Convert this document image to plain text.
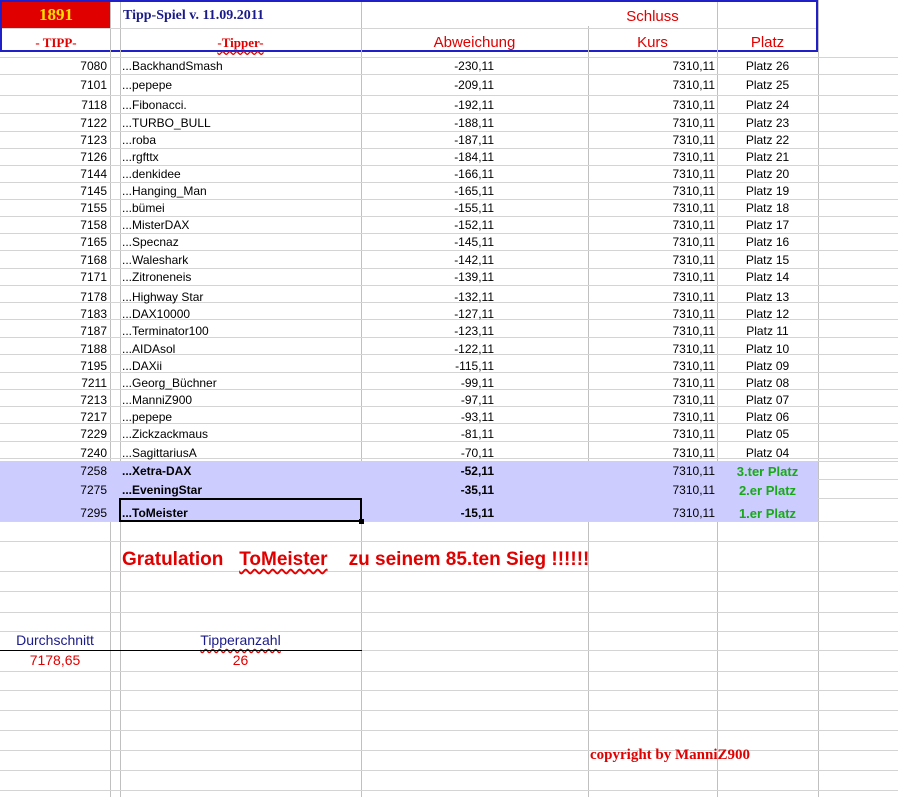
1891	Tipp-Spiel v. 11.09.2011	Schluss
- TIPP-	-Tipper-	Abweichung	Kurs	Platz
7080 ...BackhandSmash	-230,11	7310,11	Platz 26
7101 ...pepepe	-209,11	7310,11	Platz 25
7118 ...Fibonacci.	-192,11	7310,11	Platz 24
7122 ...TURBO_BULL	-188,11	7310,11	Platz 23
7123 ...roba	-187,11	7310,11	Platz 22
7126 ...rgfttx	-184,11	7310,11	Platz 21
7144 ...denkidee	-166,11	7310,11	Platz 20
7145 ...Hanging_Man	-165,11	7310,11	Platz 19
7155 ...bümei	-155,11	7310,11	Platz 18
7158 ...MisterDAX	-152,11	7310,11	Platz 17
7165 ...Specnaz	-145,11	7310,11	Platz 16
7168 ...Waleshark	-142,11	7310,11	Platz 15
7171 ...Zitroneneis	-139,11	7310,11	Platz 14
7178 ...Highway Star	-132,11	7310,11	Platz 13
7183 ...DAX10000	-127,11	7310,11	Platz 12
7187 ...Terminator100	-123,11	7310,11	Platz 11
7188 ...AIDAsol	-122,11	7310,11	Platz 10
7195 ...DAXii	-115,11	7310,11	Platz 09
7211 ...Georg_Büchner	-99,11	7310,11	Platz 08
7213 ...ManniZ900	-97,11	7310,11	Platz 07
7217 ...pepepe	-93,11	7310,11	Platz 06
7229 ...Zickzackmaus	-81,11	7310,11	Platz 05
7240 ...SagittariusA	-70,11	7310,11	Platz 04
7258 ...Xetra-DAX	-52,11	7310,11	3.ter Platz
7275 ...EveningStar	-35,11	7310,11	2.er Platz
7295 ...ToMeister	-15,11	7310,11	1.er Platz
Gratulation ToMeister zu seinem 85.ten Sieg !!!!!!
Durchschnitt	Tipperanzahl
7178,65	26
copyright by ManniZ900
